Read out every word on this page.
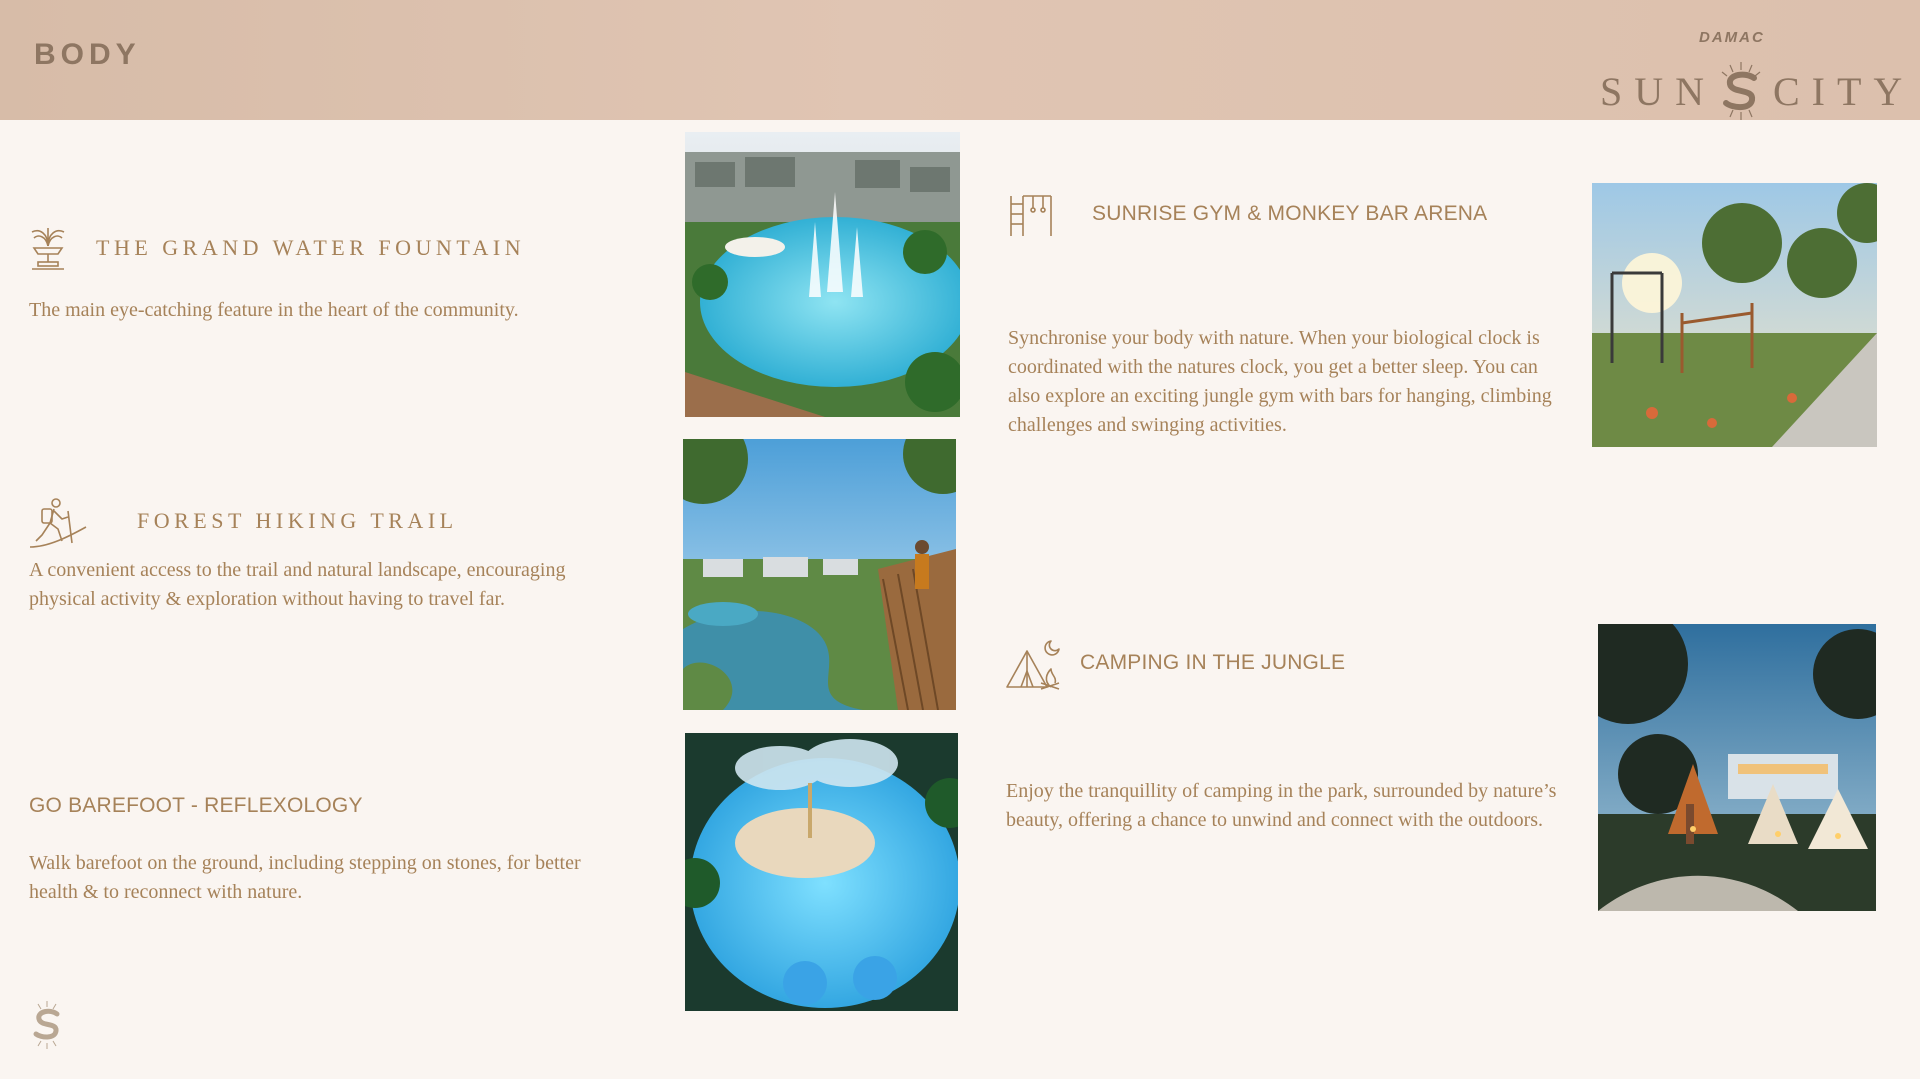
BODY
DAMAC
SUN CITY
THE GRAND WATER FOUNTAIN

The main eye-catching feature in the heart of the community.

FOREST HIKING TRAIL

A convenient access to the trail and natural landscape, encouraging physical activity & exploration without having to travel far.

GO BAREFOOT - REFLEXOLOGY

Walk barefoot on the ground, including stepping on stones, for better health & to reconnect with nature.

SUNRISE GYM & MONKEY BAR ARENA

Synchronise your body with nature. When your biological clock is coordinated with the natures clock, you get a better sleep. You can also explore an exciting jungle gym with bars for hanging, climbing challenges and swinging activities.

CAMPING IN THE JUNGLE

Enjoy the tranquillity of camping in the park, surrounded by nature’s beauty, offering a chance to unwind and connect with the outdoors.
